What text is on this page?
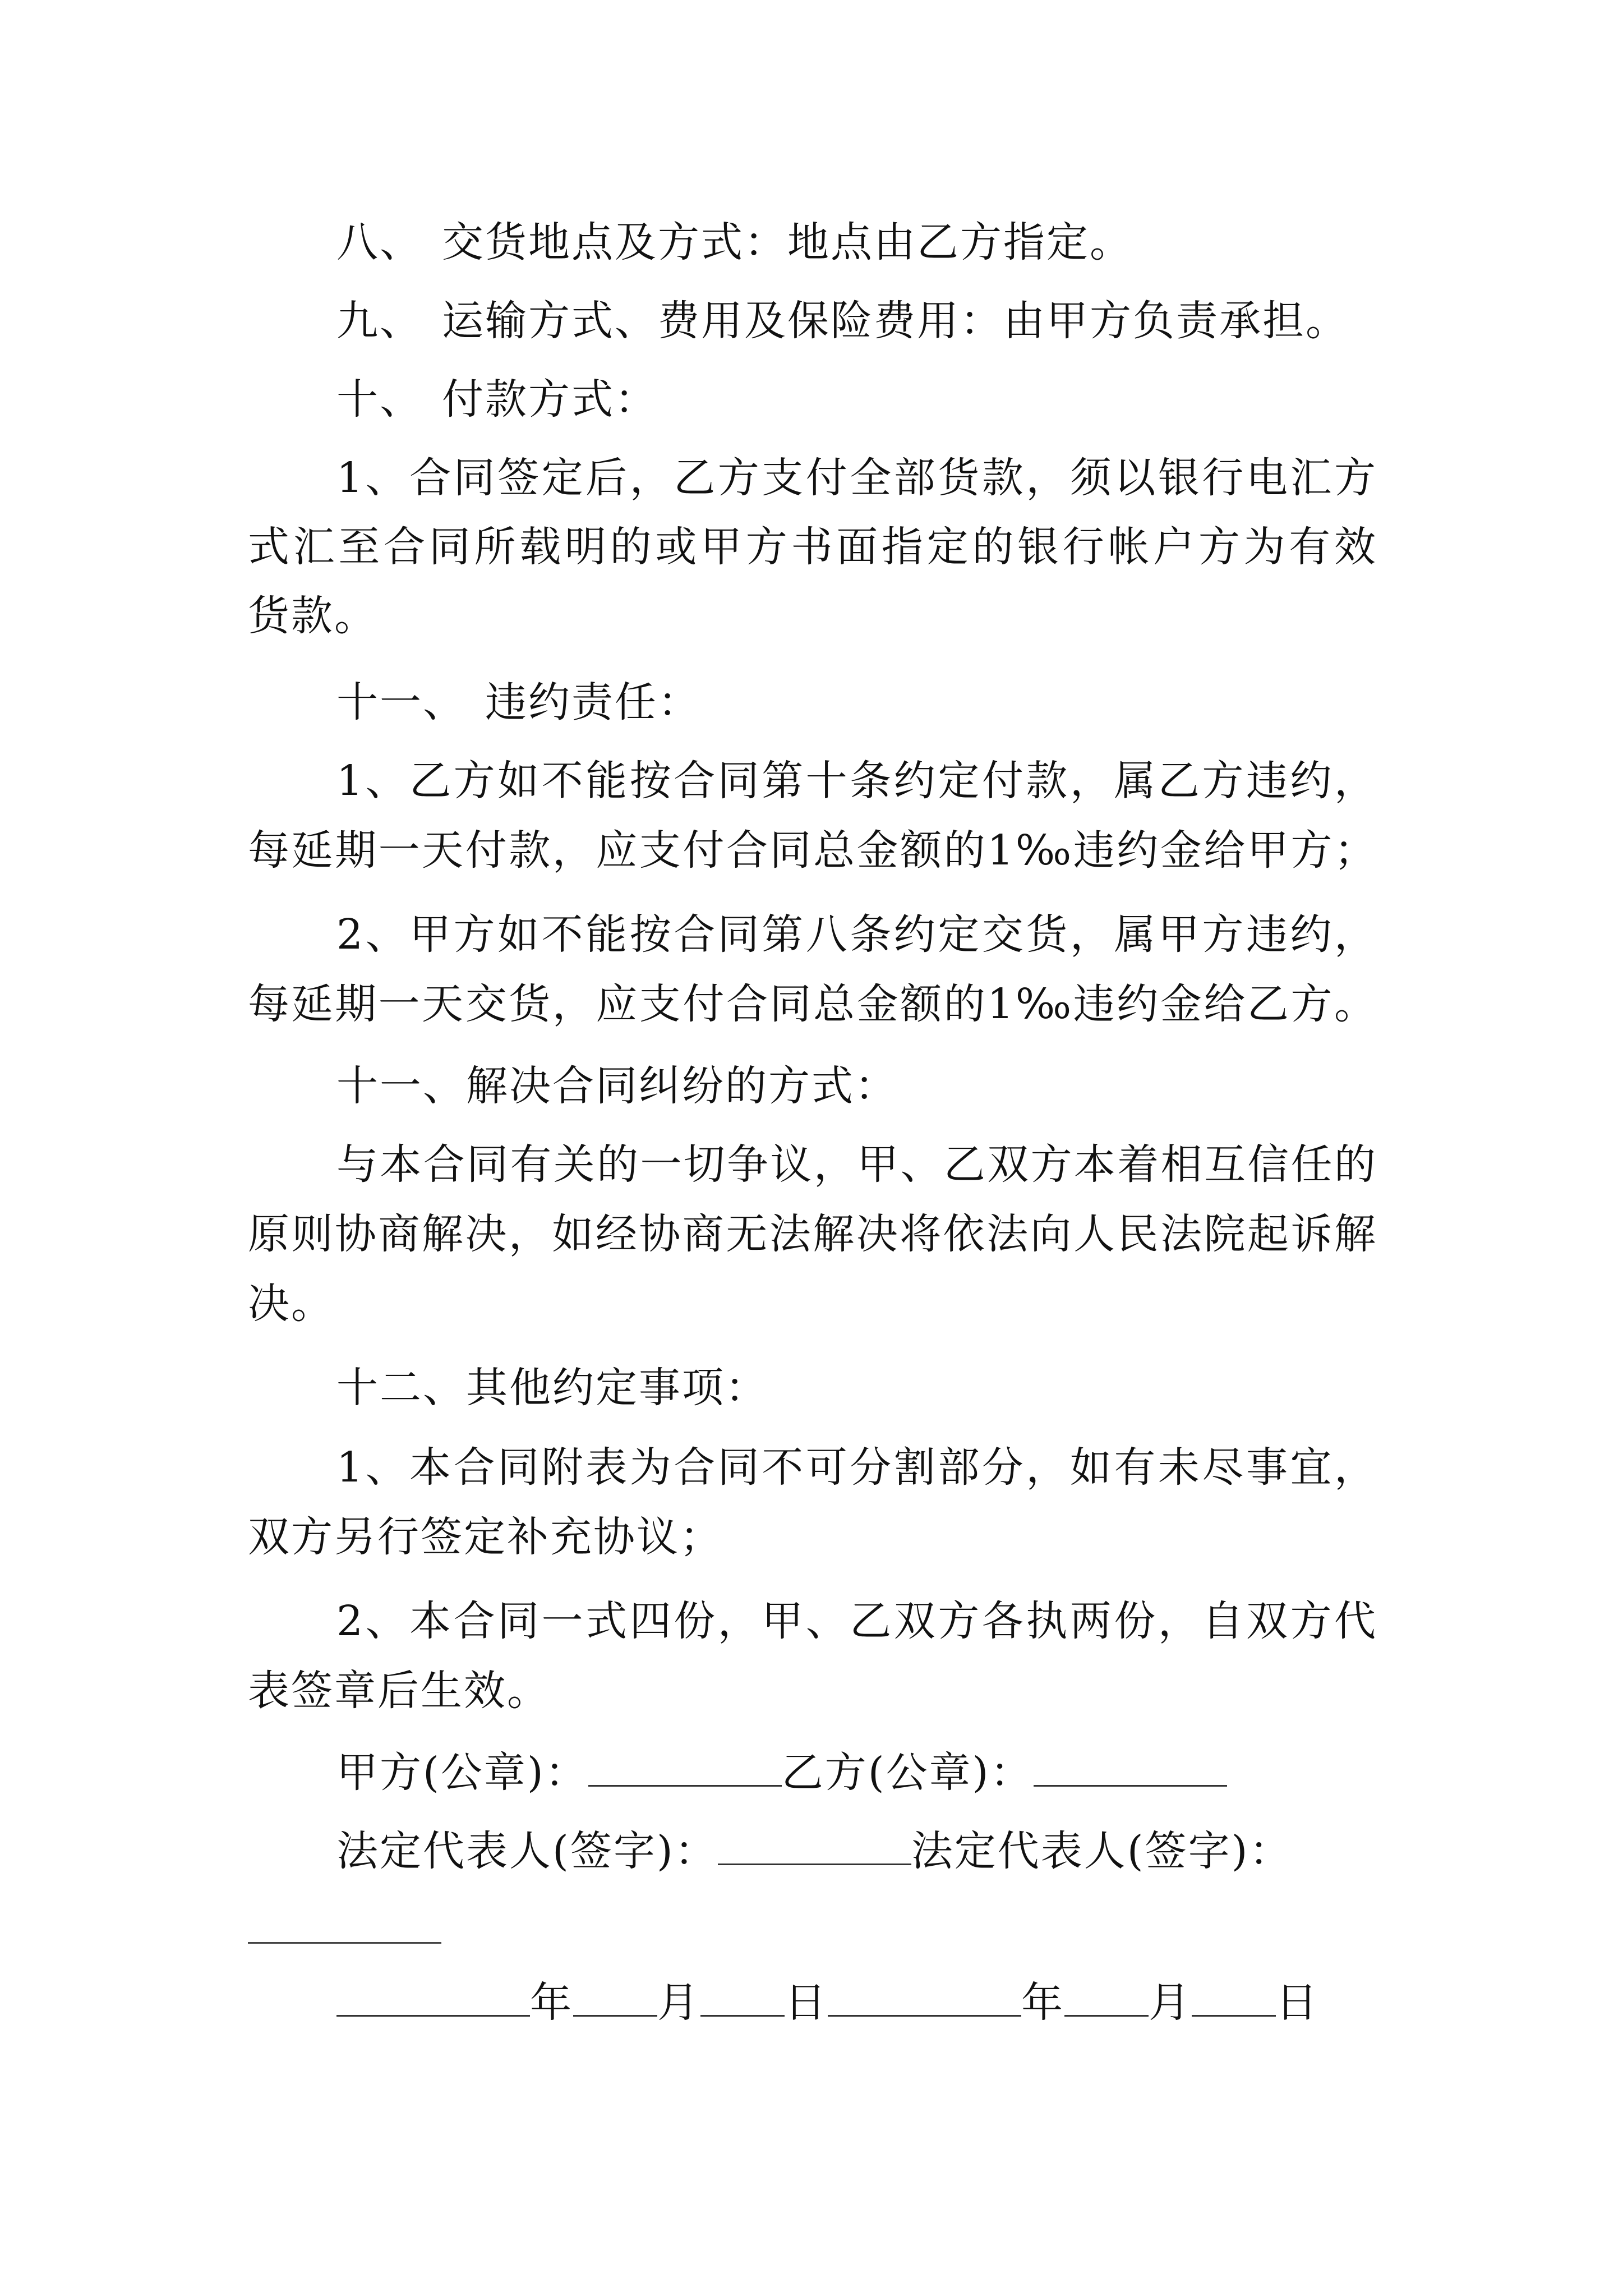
八、 交货地点及方式：地点由乙方指定。
九、 运输方式、费用及保险费用：由甲方负责承担。
十、 付款方式：
1、合同签定后，乙方支付全部货款，须以银行电汇方
式汇至合同所载明的或甲方书面指定的银行帐户方为有效
货款。
十一、 违约责任：
1、乙方如不能按合同第十条约定付款，属乙方违约，
每延期一天付款，应支付合同总金额的1‰违约金给甲方；
2、甲方如不能按合同第八条约定交货，属甲方违约，
每延期一天交货，应支付合同总金额的1‰违约金给乙方。
十一、解决合同纠纷的方式：
与本合同有关的一切争议，甲、乙双方本着相互信任的
原则协商解决，如经协商无法解决将依法向人民法院起诉解
决。
十二、其他约定事项：
1、本合同附表为合同不可分割部分，如有未尽事宜，
双方另行签定补充协议；
2、本合同一式四份，甲、乙双方各执两份，自双方代
表签章后生效。
甲方(公章)：	乙方(公章)：
法定代表人(签字)：	法定代表人(签字)：
年 月 日	年 月 日
